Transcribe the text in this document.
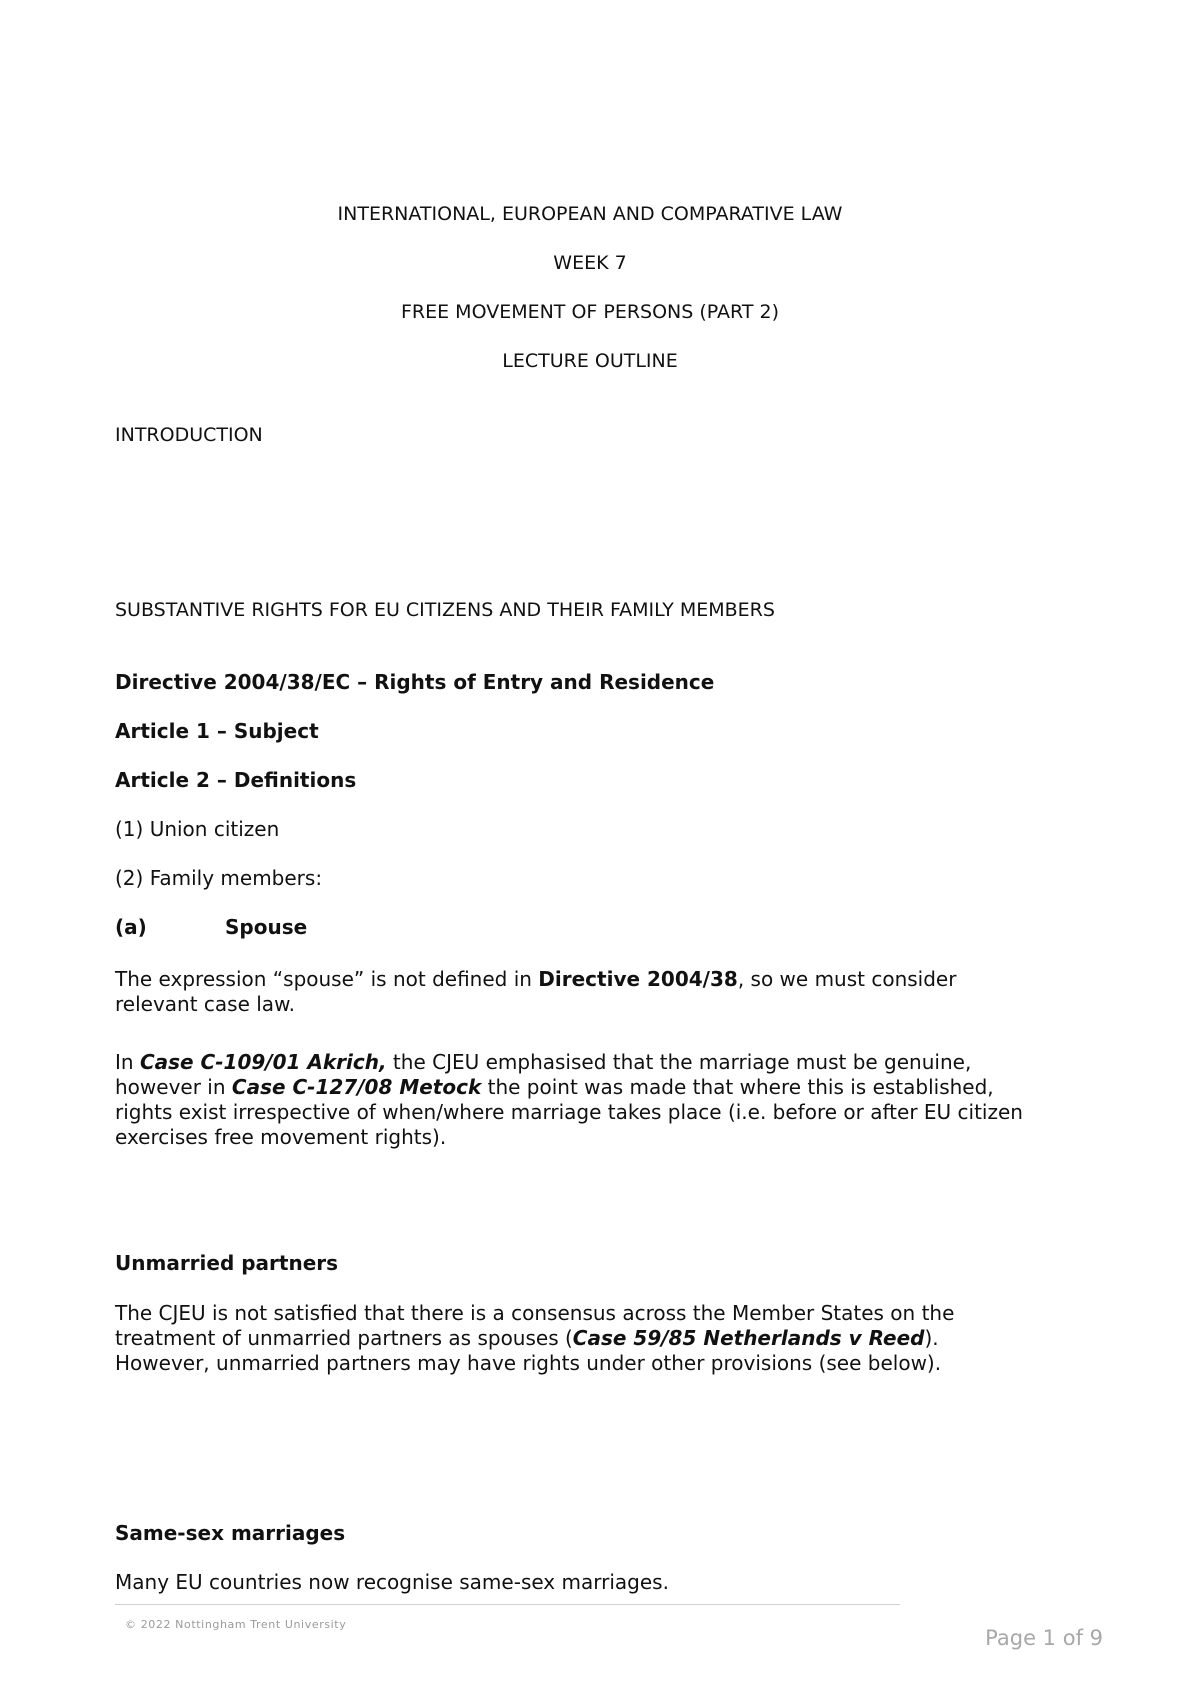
INTERNATIONAL, EUROPEAN AND COMPARATIVE LAW
WEEK 7
FREE MOVEMENT OF PERSONS (PART 2)
LECTURE OUTLINE
INTRODUCTION
SUBSTANTIVE RIGHTS FOR EU CITIZENS AND THEIR FAMILY MEMBERS
Directive 2004/38/EC – Rights of Entry and Residence
Article 1 – Subject
Article 2 – Definitions
(1) Union citizen
(2) Family members:
(a)	Spouse
The expression “spouse” is not defined in Directive 2004/38, so we must consider
relevant case law.
In Case C-109/01 Akrich, the CJEU emphasised that the marriage must be genuine,
however in Case C-127/08 Metock the point was made that where this is established,
rights exist irrespective of when/where marriage takes place (i.e. before or after EU citizen
exercises free movement rights).
Unmarried partners
The CJEU is not satisfied that there is a consensus across the Member States on the
treatment of unmarried partners as spouses (Case 59/85 Netherlands v Reed).
However, unmarried partners may have rights under other provisions (see below).
Same-sex marriages
Many EU countries now recognise same-sex marriages.
© 2022 Nottingham Trent University
Page 1 of 9
